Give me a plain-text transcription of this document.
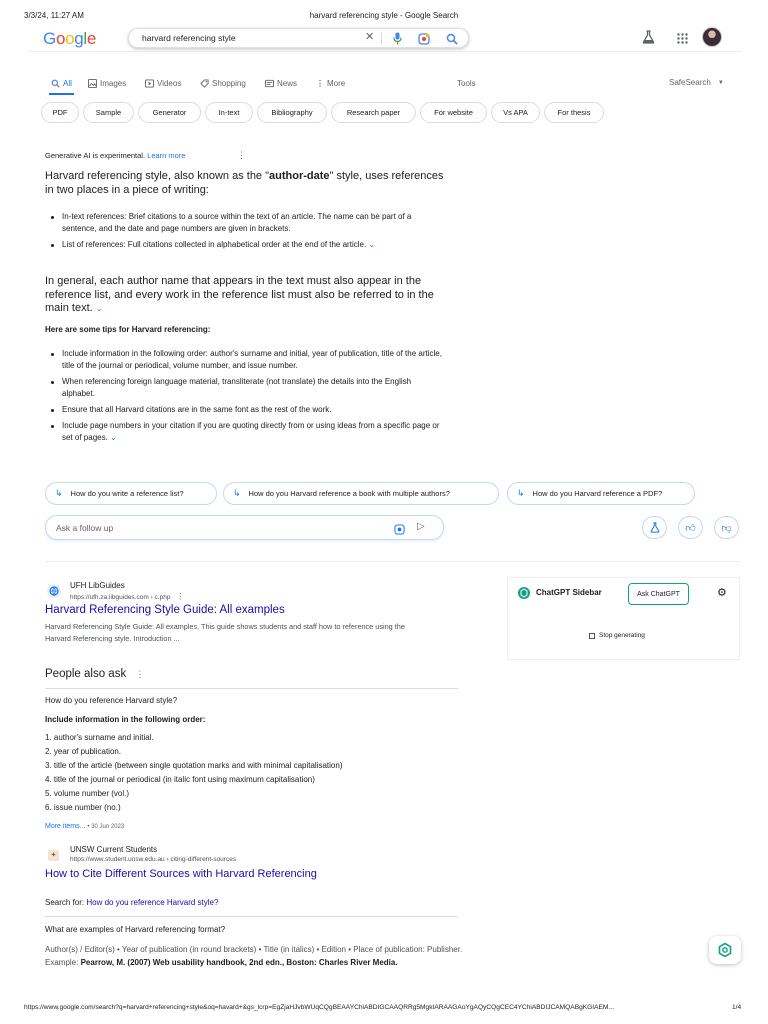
3/3/24, 11:27 AM	harvard referencing style - Google Search
Google	harvard referencing style	✕
All	Images	Videos	Shopping	News ⋮ More	Tools	SafeSearch ▼
PDF	Sample	Generator	In-text	Bibliography	Research paper	For website	Vs APA	For thesis
Generative AI is experimental. Learn more	⋮
Harvard referencing style, also known as the "author-date" style, uses references in two places in a piece of writing:
In-text references: Brief citations to a source within the text of an article. The name can be part of a sentence, and the date and page numbers are given in brackets.
List of references: Full citations collected in alphabetical order at the end of the article. ⌄
In general, each author name that appears in the text must also appear in the reference list, and every work in the reference list must also be referred to in the main text. ⌄
Here are some tips for Harvard referencing:
Include information in the following order: author's surname and initial, year of publication, title of the article, title of the journal or periodical, volume number, and issue number.
When referencing foreign language material, transliterate (not translate) the details into the English alphabet.
Ensure that all Harvard citations are in the same font as the rest of the work.
Include page numbers in your citation if you are quoting directly from or using ideas from a specific page or set of pages. ⌄
↳ How do you write a reference list?	↳ How do you Harvard reference a book with multiple authors?	↳ How do you Harvard reference a PDF?
Ask a follow up	▷	👍︎	👎︎
UFH LibGuides
https://ufh.za.libguides.com › c.php ⋮
Harvard Referencing Style Guide: All examples
Harvard Referencing Style Guide: All examples. This guide shows students and staff how to reference using the Harvard Referencing style. Introduction ...
ChatGPT Sidebar	Ask ChatGPT	⚙
Stop generating
People also ask ⋮
How do you reference Harvard style?
Include information in the following order:
1. author's surname and initial.
2. year of publication.
3. title of the article (between single quotation marks and with minimal capitalisation)
4. title of the journal or periodical (in italic font using maximum capitalisation)
5. volume number (vol.)
6. issue number (no.)
More items... • 30 Jun 2023
✦
UNSW Current Students
https://www.student.unsw.edu.au › citing-different-sources
How to Cite Different Sources with Harvard Referencing
Search for: How do you reference Harvard style?
What are examples of Harvard referencing format?
Author(s) / Editor(s) • Year of publication (in round brackets) • Title (in italics) • Edition • Place of publication: Publisher. Example: Pearrow, M. (2007) Web usability handbook, 2nd edn., Boston: Charles River Media.
https://www.google.com/search?q=harvard+referencing+style&oq=havard+&gs_lcrp=EgZjaHJvbWUqCQgBEAAYChiABDIGCAAQRRg5MgkIARAAGAoYgAQyCQgCEC4YChiABDIJCAMQABgKGIAEM...	1/4
